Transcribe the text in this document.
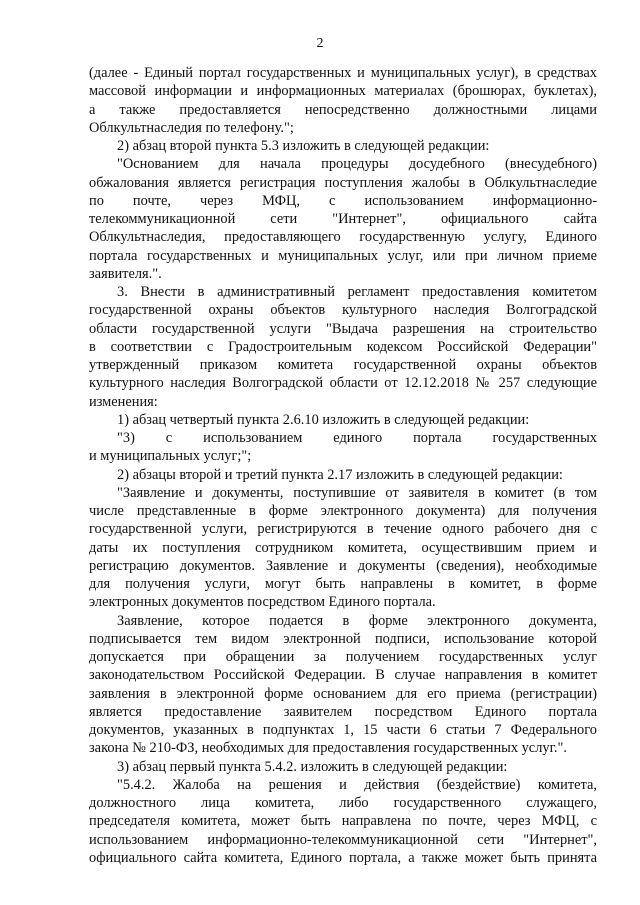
2
(далее - Единый портал государственных и муниципальных услуг), в средствах
массовой информации и информационных материалах (брошюрах, буклетах),
а также предоставляется непосредственно должностными лицами
Облкультнаследия по телефону.";
2) абзац второй пункта 5.3 изложить в следующей редакции:
"Основанием для начала процедуры досудебного (внесудебного)
обжалования является регистрация поступления жалобы в Облкультнаследие
по почте, через МФЦ, с использованием информационно-
телекоммуникационной сети "Интернет", официального сайта
Облкультнаследия, предоставляющего государственную услугу, Единого
портала государственных и муниципальных услуг, или при личном приеме
заявителя.".
3. Внести в административный регламент предоставления комитетом
государственной охраны объектов культурного наследия Волгоградской
области государственной услуги "Выдача разрешения на строительство
в соответствии с Градостроительным кодексом Российской Федерации"
утвержденный приказом комитета государственной охраны объектов
культурного наследия Волгоградской области от 12.12.2018 № 257 следующие
изменения:
1) абзац четвертый пункта 2.6.10 изложить в следующей редакции:
"3) с использованием единого портала государственных
и муниципальных услуг;";
2) абзацы второй и третий пункта 2.17 изложить в следующей редакции:
"Заявление и документы, поступившие от заявителя в комитет (в том
числе представленные в форме электронного документа) для получения
государственной услуги, регистрируются в течение одного рабочего дня с
даты их поступления сотрудником комитета, осуществившим прием и
регистрацию документов. Заявление и документы (сведения), необходимые
для получения услуги, могут быть направлены в комитет, в форме
электронных документов посредством Единого портала.
Заявление, которое подается в форме электронного документа,
подписывается тем видом электронной подписи, использование которой
допускается при обращении за получением государственных услуг
законодательством Российской Федерации. В случае направления в комитет
заявления в электронной форме основанием для его приема (регистрации)
является предоставление заявителем посредством Единого портала
документов, указанных в подпунктах 1, 15 части 6 статьи 7 Федерального
закона № 210-ФЗ, необходимых для предоставления государственных услуг.".
3) абзац первый пункта 5.4.2. изложить в следующей редакции:
"5.4.2. Жалоба на решения и действия (бездействие) комитета,
должностного лица комитета, либо государственного служащего,
председателя комитета, может быть направлена по почте, через МФЦ, с
использованием информационно-телекоммуникационной сети "Интернет",
официального сайта комитета, Единого портала, а также может быть принята
